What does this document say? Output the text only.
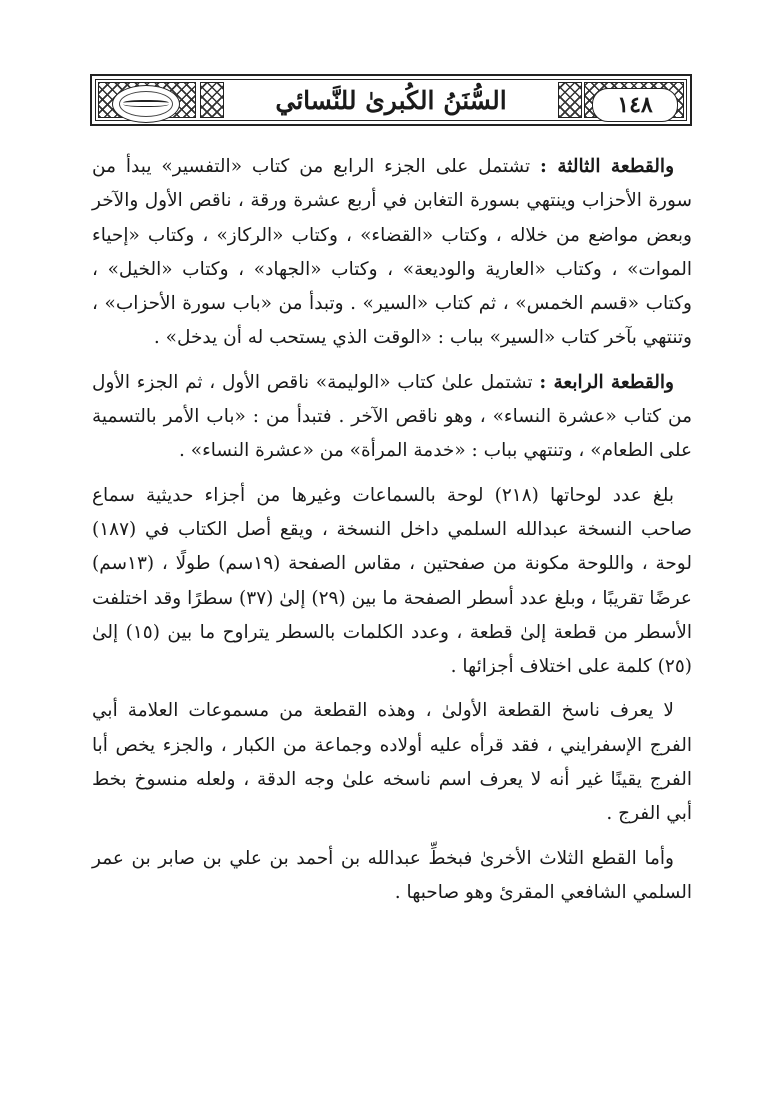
السُّنَنُ الكُبرىٰ للنَّسائي	١٤٨

والقطعة الثالثة : تشتمل على الجزء الرابع من كتاب «التفسير» يبدأ من سورة الأحزاب وينتهي بسورة التغابن في أربع عشرة ورقة ، ناقص الأول والآخر وبعض مواضع من خلاله ، وكتاب «القضاء» ، وكتاب «الركاز» ، وكتاب «إحياء الموات» ، وكتاب «العارية والوديعة» ، وكتاب «الجهاد» ، وكتاب «الخيل» ، وكتاب «قسم الخمس» ، ثم كتاب «السير» . وتبدأ من «باب سورة الأحزاب» ، وتنتهي بآخر كتاب «السير» بباب : «الوقت الذي يستحب له أن يدخل» .

والقطعة الرابعة : تشتمل علىٰ كتاب «الوليمة» ناقص الأول ، ثم الجزء الأول من كتاب «عشرة النساء» ، وهو ناقص الآخر . فتبدأ من : «باب الأمر بالتسمية على الطعام» ، وتنتهي بباب : «خدمة المرأة» من «عشرة النساء» .

بلغ عدد لوحاتها (٢١٨) لوحة بالسماعات وغيرها من أجزاء حديثية سماع صاحب النسخة عبدالله السلمي داخل النسخة ، ويقع أصل الكتاب في (١٨٧) لوحة ، واللوحة مكونة من صفحتين ، مقاس الصفحة (١٩سم) طولًا ، (١٣سم) عرضًا تقريبًا ، وبلغ عدد أسطر الصفحة ما بين (٢٩) إلىٰ (٣٧) سطرًا وقد اختلفت الأسطر من قطعة إلىٰ قطعة ، وعدد الكلمات بالسطر يتراوح ما بين (١٥) إلىٰ (٢٥) كلمة على اختلاف أجزائها .

لا يعرف ناسخ القطعة الأولىٰ ، وهذه القطعة من مسموعات العلامة أبي الفرج الإسفرايني ، فقد قرأه عليه أولاده وجماعة من الكبار ، والجزء يخص أبا الفرج يقينًا غير أنه لا يعرف اسم ناسخه علىٰ وجه الدقة ، ولعله منسوخ بخط أبي الفرج .

وأما القطع الثلاث الأخرىٰ فبخطِّ عبدالله بن أحمد بن علي بن صابر بن عمر السلمي الشافعي المقرئ وهو صاحبها .
